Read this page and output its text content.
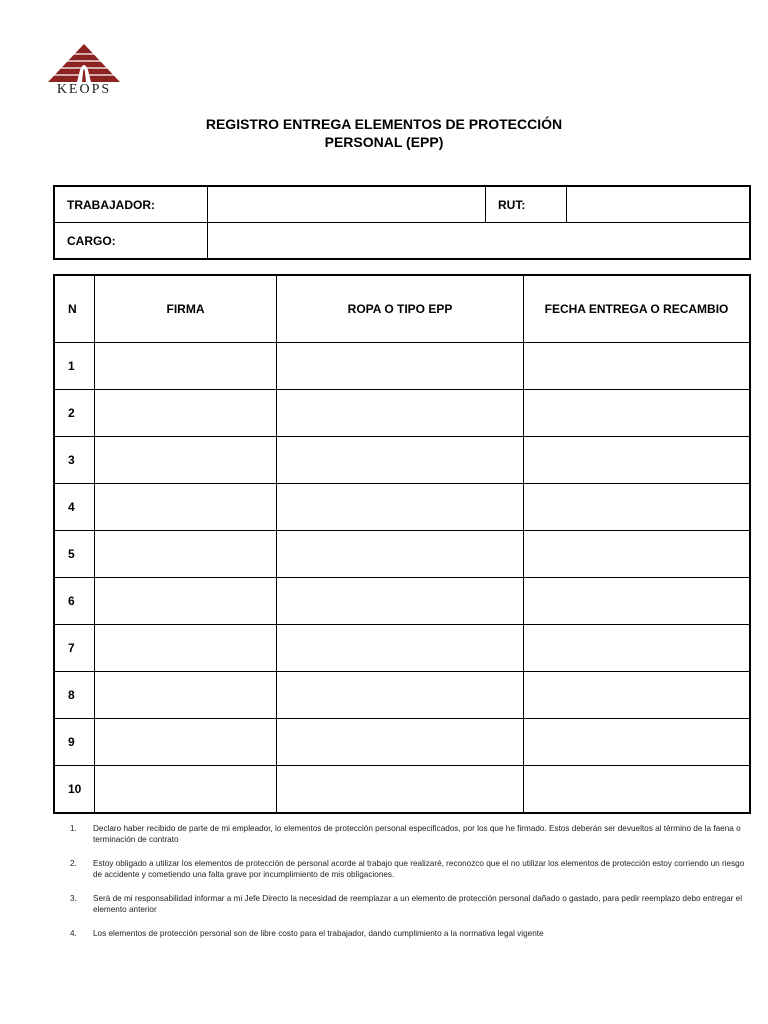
KEOPS
REGISTRO ENTREGA ELEMENTOS DE PROTECCIÓN
PERSONAL (EPP)
TRABAJADOR:		RUT:	
CARGO:			
N	FIRMA	ROPA O TIPO EPP	FECHA ENTREGA O RECAMBIO
1			
2			
3			
4			
5			
6			
7			
8			
9			
10			
1.	Declaro haber recibido de parte de mi empleador, lo elementos de protección personal especificados, por los que he firmado. Estos deberán ser devueltos al término de la faena o terminación de contrato
2.	Estoy obligado a utilizar los elementos de protección de personal acorde al trabajo que realizaré, reconozco que el no utilizar los elementos de protección estoy corriendo un riesgo de accidente y cometiendo una falta grave por incumplimiento de mis obligaciones.
3.	Será de mi responsabilidad informar a mi Jefe Directo la necesidad de reemplazar a un elemento de protección personal dañado o gastado, para pedir reemplazo debo entregar el elemento anterior
4.	Los elementos de protección personal son de libre costo para el trabajador, dando cumplimiento a la normativa legal vigente
